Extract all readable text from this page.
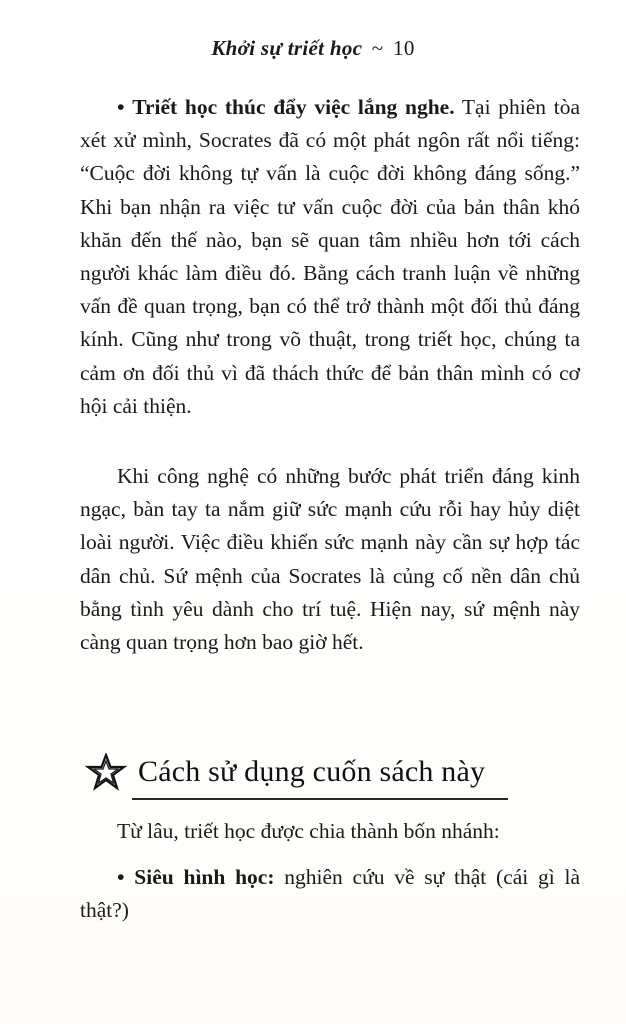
Khởi sự triết học ~ 10

• Triết học thúc đẩy việc lắng nghe. Tại phiên tòa xét xử mình, Socrates đã có một phát ngôn rất nổi tiếng: “Cuộc đời không tự vấn là cuộc đời không đáng sống.” Khi bạn nhận ra việc tư vấn cuộc đời của bản thân khó khăn đến thế nào, bạn sẽ quan tâm nhiều hơn tới cách người khác làm điều đó. Bằng cách tranh luận về những vấn đề quan trọng, bạn có thể trở thành một đối thủ đáng kính. Cũng như trong võ thuật, trong triết học, chúng ta cảm ơn đối thủ vì đã thách thức để bản thân mình có cơ hội cải thiện.

Khi công nghệ có những bước phát triển đáng kinh ngạc, bàn tay ta nắm giữ sức mạnh cứu rỗi hay hủy diệt loài người. Việc điều khiển sức mạnh này cần sự hợp tác dân chủ. Sứ mệnh của Socrates là củng cố nền dân chủ bằng tình yêu dành cho trí tuệ. Hiện nay, sứ mệnh này càng quan trọng hơn bao giờ hết.

Cách sử dụng cuốn sách này

Từ lâu, triết học được chia thành bốn nhánh:

• Siêu hình học: nghiên cứu về sự thật (cái gì là thật?)
